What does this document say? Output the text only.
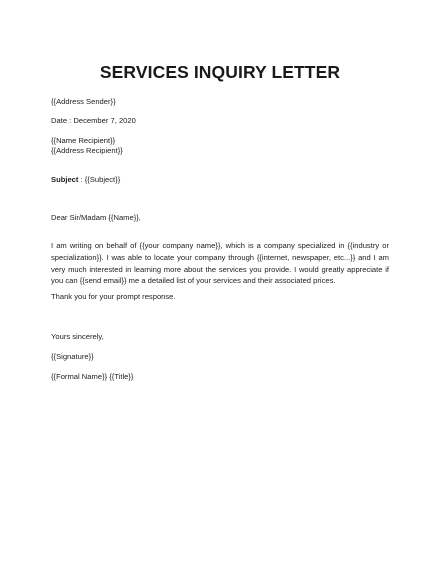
SERVICES INQUIRY LETTER
{{Address Sender}}
Date : December 7, 2020
{{Name Recipient}}
{{Address Recipient}}
Subject : {{Subject}}
Dear Sir/Madam {{Name}},
I am writing on behalf of {{your company name}}, which is a company specialized in {{industry or specialization}}. I was able to locate your company through {{internet, newspaper, etc...}} and I am very much interested in learning more about the services you provide. I would greatly appreciate if you can {{send email}} me a detailed list of your services and their associated prices.
Thank you for your prompt response.
Yours sincerely,
{{Signature}}
{{Formal Name}} {{Title}}
